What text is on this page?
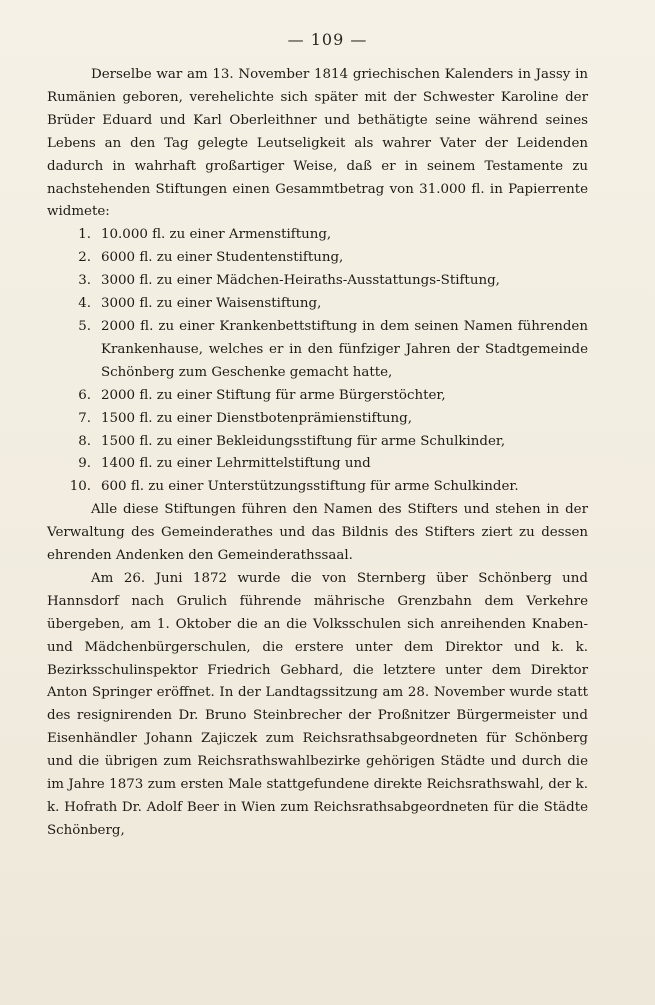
— 109 —

Derselbe war am 13. November 1814 griechischen Kalenders in Jassy in Rumänien geboren, verehelichte sich später mit der Schwester Karoline der Brüder Eduard und Karl Oberleithner und bethätigte seine während seines Lebens an den Tag gelegte Leutseligkeit als wahrer Vater der Leidenden dadurch in wahrhaft großartiger Weise, daß er in seinem Testamente zu nachstehenden Stiftungen einen Gesammtbetrag von 31.000 fl. in Papierrente widmete:

1. 10.000 fl. zu einer Armenstiftung,
2. 6000 fl. zu einer Studentenstiftung,
3. 3000 fl. zu einer Mädchen-Heiraths-Ausstattungs-Stiftung,
4. 3000 fl. zu einer Waisenstiftung,
5. 2000 fl. zu einer Krankenbettstiftung in dem seinen Namen führenden Krankenhause, welches er in den fünfziger Jahren der Stadtgemeinde Schönberg zum Geschenke gemacht hatte,
6. 2000 fl. zu einer Stiftung für arme Bürgerstöchter,
7. 1500 fl. zu einer Dienstbotenprämienstiftung,
8. 1500 fl. zu einer Bekleidungsstiftung für arme Schulkinder,
9. 1400 fl. zu einer Lehrmittelstiftung und
10. 600 fl. zu einer Unterstützungsstiftung für arme Schulkinder.

Alle diese Stiftungen führen den Namen des Stifters und stehen in der Verwaltung des Gemeinderathes und das Bildnis des Stifters ziert zu dessen ehrenden Andenken den Gemeinderathssaal.

Am 26. Juni 1872 wurde die von Sternberg über Schönberg und Hannsdorf nach Grulich führende mährische Grenzbahn dem Verkehre übergeben, am 1. Oktober die an die Volksschulen sich anreihenden Knaben- und Mädchenbürgerschulen, die erstere unter dem Direktor und k. k. Bezirksschulinspektor Friedrich Gebhard, die letztere unter dem Direktor Anton Springer eröffnet. In der Landtagssitzung am 28. November wurde statt des resignirenden Dr. Bruno Steinbrecher der Proßnitzer Bürgermeister und Eisenhändler Johann Zajiczek zum Reichsrathsabgeordneten für Schönberg und die übrigen zum Reichsrathswahlbezirke gehörigen Städte und durch die im Jahre 1873 zum ersten Male stattgefundene direkte Reichsrathswahl, der k. k. Hofrath Dr. Adolf Beer in Wien zum Reichsrathsabgeordneten für die Städte Schönberg,
